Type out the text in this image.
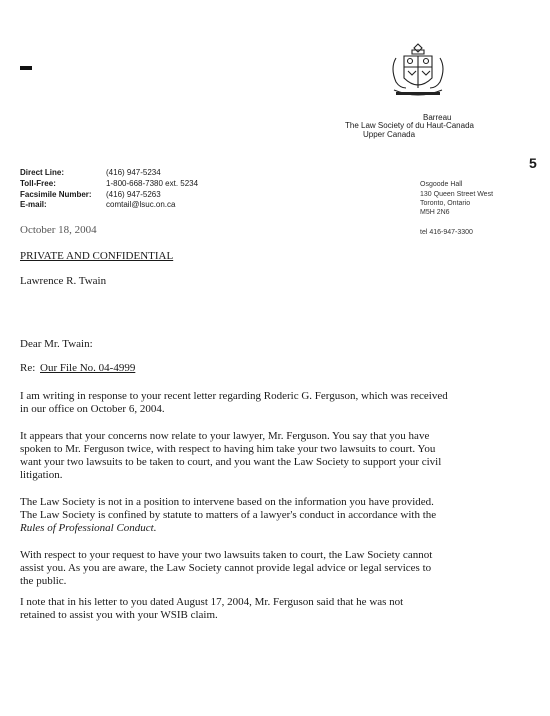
Barreau
The Law Society of du Haut-Canada
Upper Canada
5
Direct Line:	(416) 947-5234
Toll-Free:	1-800-668-7380 ext. 5234
Facsimile Number: (416) 947-5263
E-mail:	comtail@lsuc.on.ca
Osgoode Hall
130 Queen Street West
Toronto, Ontario
M5H 2N6
tel 416-947-3300
October 18, 2004
PRIVATE AND CONFIDENTIAL
Lawrence R. Twain
Dear Mr. Twain:
Re: Our File No. 04-4999
I am writing in response to your recent letter regarding Roderic G. Ferguson, which was received
in our office on October 6, 2004.
It appears that your concerns now relate to your lawyer, Mr. Ferguson. You say that you have
spoken to Mr. Ferguson twice, with respect to having him take your two lawsuits to court. You
want your two lawsuits to be taken to court, and you want the Law Society to support your civil
litigation.
The Law Society is not in a position to intervene based on the information you have provided.
The Law Society is confined by statute to matters of a lawyer's conduct in accordance with the
Rules of Professional Conduct.
With respect to your request to have your two lawsuits taken to court, the Law Society cannot
assist you. As you are aware, the Law Society cannot provide legal advice or legal services to
the public.
I note that in his letter to you dated August 17, 2004, Mr. Ferguson said that he was not
retained to assist you with your WSIB claim.
